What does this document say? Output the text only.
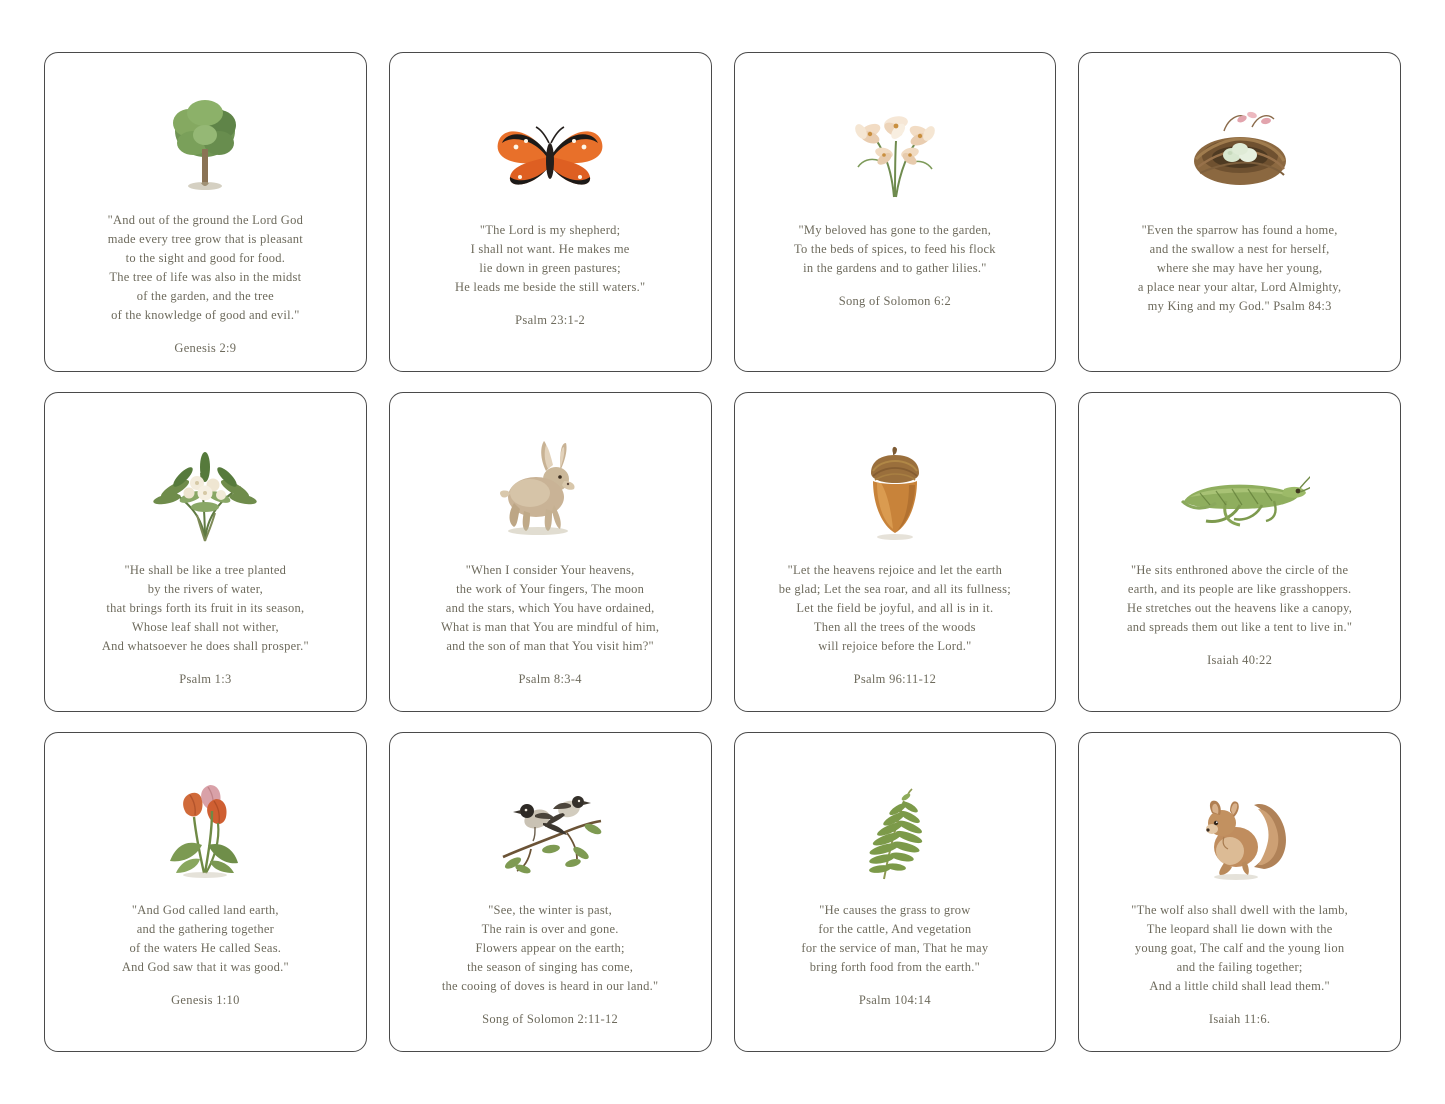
"And out of the ground the Lord God
made every tree grow that is pleasant
to the sight and good for food.
The tree of life was also in the midst
of the garden, and the tree
of the knowledge of good and evil."
Genesis 2:9
"The Lord is my shepherd;
I shall not want. He makes me
lie down in green pastures;
He leads me beside the still waters."
Psalm 23:1-2
"My beloved has gone to the garden,
To the beds of spices, to feed his flock
in the gardens and to gather lilies."
Song of Solomon 6:2
"Even the sparrow has found a home,
and the swallow a nest for herself,
where she may have her young,
a place near your altar, Lord Almighty,
my King and my God." Psalm 84:3
"He shall be like a tree planted
by the rivers of water,
that brings forth its fruit in its season,
Whose leaf shall not wither,
And whatsoever he does shall prosper."
Psalm 1:3
"When I consider Your heavens,
the work of Your fingers, The moon
and the stars, which You have ordained,
What is man that You are mindful of him,
and the son of man that You visit him?"
Psalm 8:3-4
"Let the heavens rejoice and let the earth
be glad; Let the sea roar, and all its fullness;
Let the field be joyful, and all is in it.
Then all the trees of the woods
will rejoice before the Lord."
Psalm 96:11-12
"He sits enthroned above the circle of the
earth, and its people are like grasshoppers.
He stretches out the heavens like a canopy,
and spreads them out like a tent to live in."
Isaiah 40:22
"And God called land earth,
and the gathering together
of the waters He called Seas.
And God saw that it was good."
Genesis 1:10
"See, the winter is past,
The rain is over and gone.
Flowers appear on the earth;
the season of singing has come,
the cooing of doves is heard in our land."
Song of Solomon 2:11-12
"He causes the grass to grow
for the cattle, And vegetation
for the service of man, That he may
bring forth food from the earth."
Psalm 104:14
"The wolf also shall dwell with the lamb,
The leopard shall lie down with the
young goat, The calf and the young lion
and the failing together;
And a little child shall lead them."
Isaiah 11:6.
